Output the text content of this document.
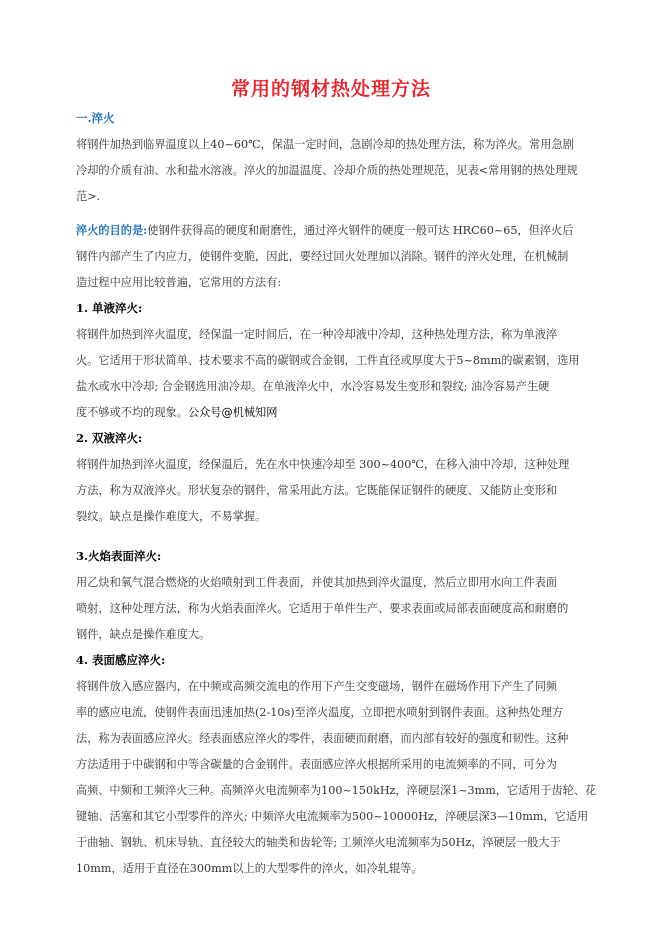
常用的钢材热处理方法
一.淬火
将钢件加热到临界温度以上40~60℃，保温一定时间，急剧冷却的热处理方法，称为淬火。常用急剧
冷却的介质有油、水和盐水溶液。淬火的加温温度、冷却介质的热处理规范，见表<常用钢的热处理规
范>.
淬火的目的是:使钢件获得高的硬度和耐磨性，通过淬火钢件的硬度一般可达 HRC60~65，但淬火后
钢件内部产生了内应力，使钢件变脆，因此，要经过回火处理加以消除。钢件的淬火处理，在机械制
造过程中应用比较普遍，它常用的方法有:
1. 单液淬火:
将钢件加热到淬火温度，经保温一定时间后，在一种冷却液中冷却，这种热处理方法，称为单液淬
火。它适用于形状简单、技术要求不高的碳钢或合金钢，工件直径或厚度大于5~8mm的碳素钢，选用
盐水或水中冷却; 合金钢选用油冷却。在单液淬火中，水冷容易发生变形和裂纹; 油冷容易产生硬
度不够或不均的现象。公众号@机械知网
2. 双液淬火:
将钢件加热到淬火温度，经保温后，先在水中快速冷却至 300~400℃，在移入油中冷却，这种处理
方法，称为双液淬火。形状复杂的钢件，常采用此方法。它既能保证钢件的硬度、又能防止变形和
裂纹。缺点是操作难度大，不易掌握。
3.火焰表面淬火:
用乙炔和氧气混合燃烧的火焰喷射到工件表面，并使其加热到淬火温度，然后立即用水向工件表面
喷射，这种处理方法，称为火焰表面淬火。它适用于单件生产、要求表面或局部表面硬度高和耐磨的
钢件，缺点是操作难度大。
4. 表面感应淬火:
将钢件放入感应器内，在中频或高频交流电的作用下产生交变磁场，钢件在磁场作用下产生了同频
率的感应电流，使钢件表面迅速加热(2-10s)至淬火温度，立即把水喷射到钢件表面。这种热处理方
法，称为表面感应淬火。经表面感应淬火的零件，表面硬而耐磨，而内部有较好的强度和韧性。这种
方法适用于中碳钢和中等含碳量的合金钢件。表面感应淬火根据所采用的电流频率的不同，可分为
高频、中频和工频淬火三种。高频淬火电流频率为100~150kHz，淬硬层深1~3mm，它适用于齿轮、花
键轴、活塞和其它小型零件的淬火; 中频淬火电流频率为500~10000Hz，淬硬层深3—10mm，它适用
于曲轴、钢轨、机床导轨、直径较大的轴类和齿轮等; 工频淬火电流频率为50Hz，淬硬层一般大于
10mm，适用于直径在300mm以上的大型零件的淬火，如冷轧辊等。
